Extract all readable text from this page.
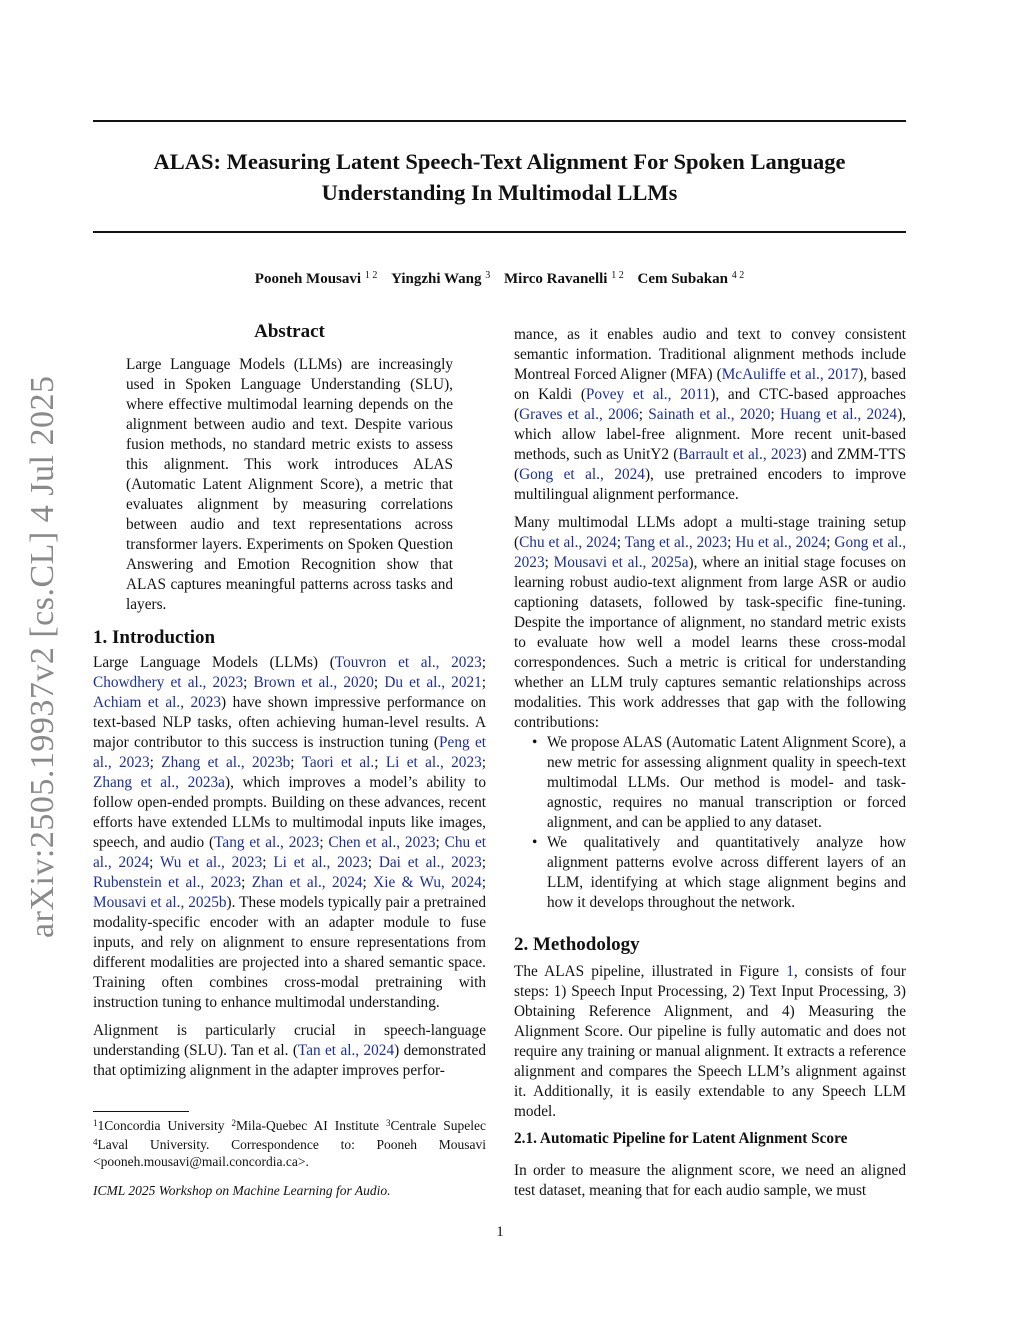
ALAS: Measuring Latent Speech-Text Alignment For Spoken Language
Understanding In Multimodal LLMs
Pooneh Mousavi $^{1 2}$ Yingzhi Wang $^3$ Mirco Ravanelli $^{1 2}$ Cem Subakan $^{4 2}$
arXiv:2505.19937v2 [cs.CL] 4 Jul 2025
Abstract

Large Language Models (LLMs) are increasingly used in Spoken Language Understanding (SLU), where effective multimodal learning depends on the alignment between audio and text. Despite various fusion methods, no standard metric exists to assess this alignment. This work introduces ALAS (Automatic Latent Alignment Score), a metric that evaluates alignment by measuring correlations between audio and text representations across transformer layers. Experiments on Spoken Question Answering and Emotion Recognition show that ALAS captures meaningful patterns across tasks and layers.

1. Introduction

Large Language Models (LLMs) (Touvron et al., 2023; Chowdhery et al., 2023; Brown et al., 2020; Du et al., 2021; Achiam et al., 2023) have shown impressive performance on text-based NLP tasks, often achieving human-level results. A major contributor to this success is instruction tuning (Peng et al., 2023; Zhang et al., 2023b; Taori et al.; Li et al., 2023; Zhang et al., 2023a), which improves a model’s ability to follow open-ended prompts. Building on these advances, recent efforts have extended LLMs to multimodal inputs like images, speech, and audio (Tang et al., 2023; Chen et al., 2023; Chu et al., 2024; Wu et al., 2023; Li et al., 2023; Dai et al., 2023; Rubenstein et al., 2023; Zhan et al., 2024; Xie & Wu, 2024; Mousavi et al., 2025b). These models typically pair a pretrained modality-specific encoder with an adapter module to fuse inputs, and rely on alignment to ensure representations from different modalities are projected into a shared semantic space. Training often combines cross-modal pretraining with instruction tuning to enhance multimodal understanding.

Alignment is particularly crucial in speech-language understanding (SLU). Tan et al. (Tan et al., 2024) demonstrated that optimizing alignment in the adapter improves perfor-

mance, as it enables audio and text to convey consistent semantic information. Traditional alignment methods include Montreal Forced Aligner (MFA) (McAuliffe et al., 2017), based on Kaldi (Povey et al., 2011), and CTC-based approaches (Graves et al., 2006; Sainath et al., 2020; Huang et al., 2024), which allow label-free alignment. More recent unit-based methods, such as UnitY2 (Barrault et al., 2023) and ZMM-TTS (Gong et al., 2024), use pretrained encoders to improve multilingual alignment performance.

Many multimodal LLMs adopt a multi-stage training setup (Chu et al., 2024; Tang et al., 2023; Hu et al., 2024; Gong et al., 2023; Mousavi et al., 2025a), where an initial stage focuses on learning robust audio-text alignment from large ASR or audio captioning datasets, followed by task-specific fine-tuning. Despite the importance of alignment, no standard metric exists to evaluate how well a model learns these cross-modal correspondences. Such a metric is critical for understanding whether an LLM truly captures semantic relationships across modalities. This work addresses that gap with the following contributions:

• We propose ALAS (Automatic Latent Alignment Score), a new metric for assessing alignment quality in speech-text multimodal LLMs. Our method is model- and task-agnostic, requires no manual transcription or forced alignment, and can be applied to any dataset.
• We qualitatively and quantitatively analyze how alignment patterns evolve across different layers of an LLM, identifying at which stage alignment begins and how it develops throughout the network.
2. Methodology

The ALAS pipeline, illustrated in Figure 1, consists of four steps: 1) Speech Input Processing, 2) Text Input Processing, 3) Obtaining Reference Alignment, and 4) Measuring the Alignment Score. Our pipeline is fully automatic and does not require any training or manual alignment. It extracts a reference alignment and compares the Speech LLM’s alignment against it. Additionally, it is easily extendable to any Speech LLM model.

2.1. Automatic Pipeline for Latent Alignment Score

In order to measure the alignment score, we need an aligned test dataset, meaning that for each audio sample, we must

$^1$1Concordia University $^2$Mila-Quebec AI Institute $^3$Centrale Supelec $^4$Laval University. Correspondence to: Pooneh Mousavi <pooneh.mousavi@mail.concordia.ca>.
ICML 2025 Workshop on Machine Learning for Audio.
1
